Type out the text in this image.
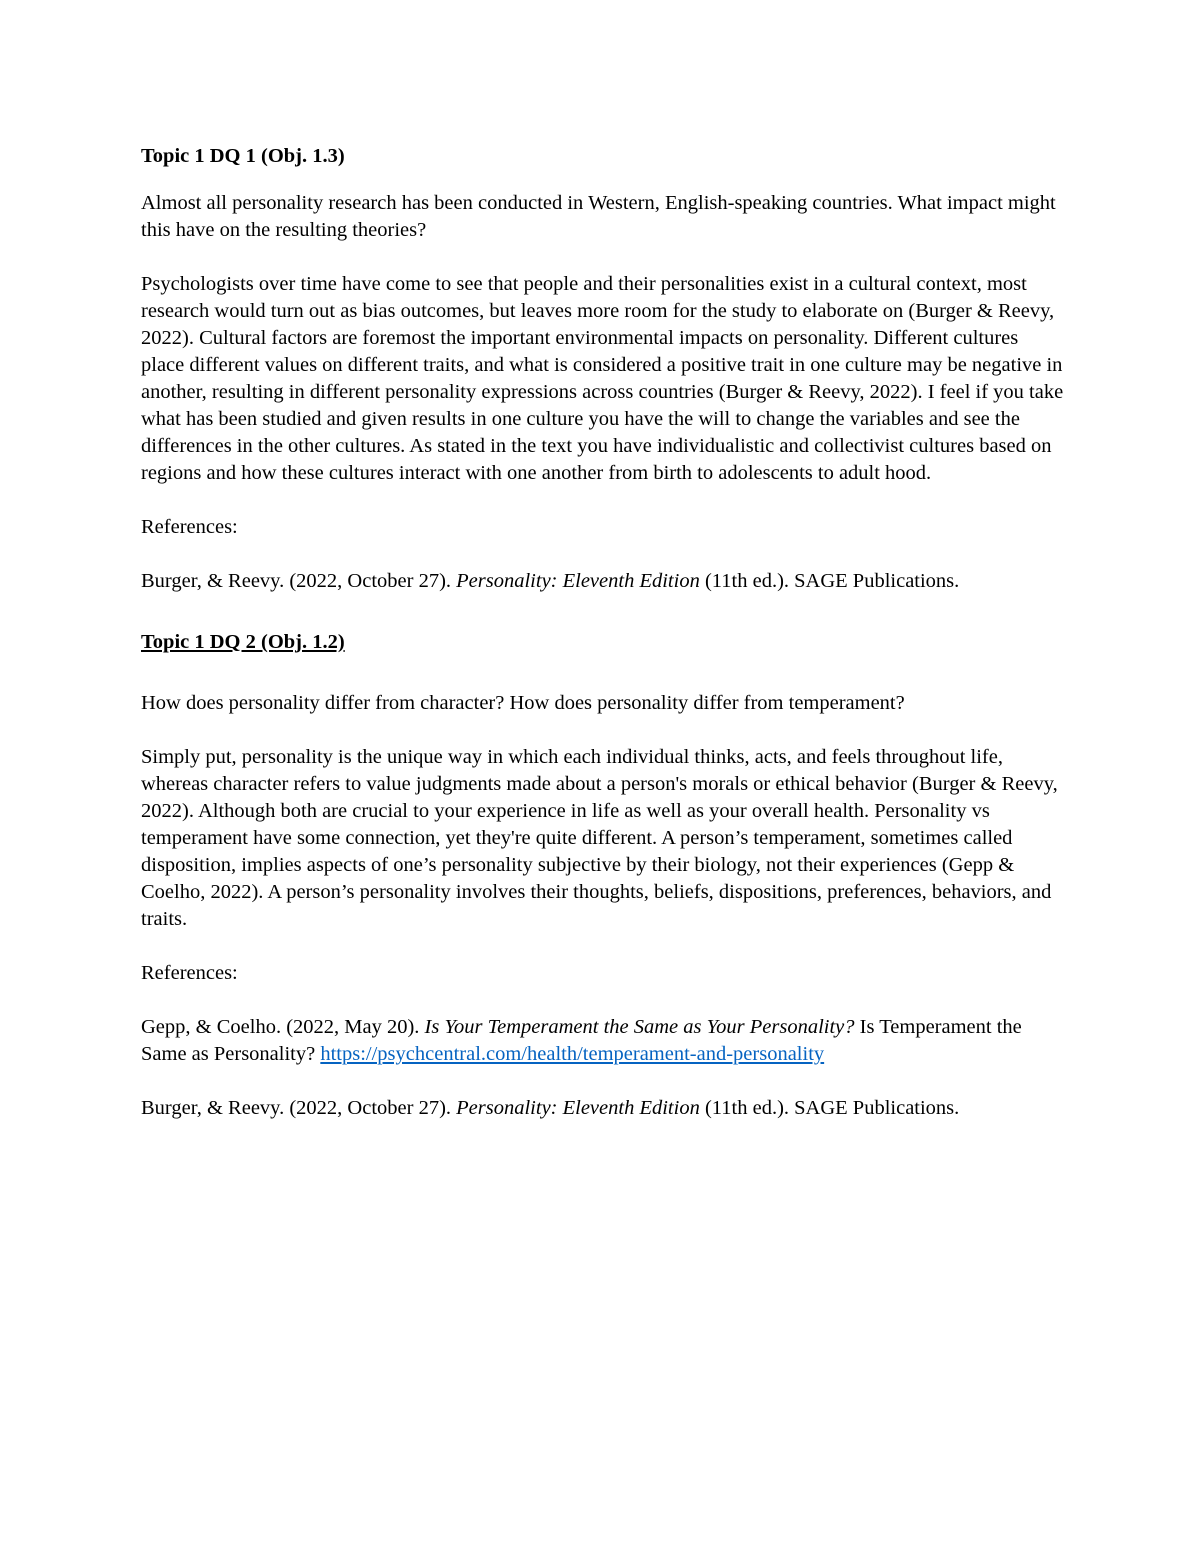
Topic 1 DQ 1 (Obj. 1.3)

Almost all personality research has been conducted in Western, English-speaking countries. What impact might this have on the resulting theories?

Psychologists over time have come to see that people and their personalities exist in a cultural context, most research would turn out as bias outcomes, but leaves more room for the study to elaborate on (Burger & Reevy, 2022). Cultural factors are foremost the important environmental impacts on personality. Different cultures place different values on different traits, and what is considered a positive trait in one culture may be negative in another, resulting in different personality expressions across countries (Burger & Reevy, 2022). I feel if you take what has been studied and given results in one culture you have the will to change the variables and see the differences in the other cultures. As stated in the text you have individualistic and collectivist cultures based on regions and how these cultures interact with one another from birth to adolescents to adult hood.

References:

Burger, & Reevy. (2022, October 27). Personality: Eleventh Edition (11th ed.). SAGE Publications.

Topic 1 DQ 2 (Obj. 1.2)

How does personality differ from character? How does personality differ from temperament?

Simply put, personality is the unique way in which each individual thinks, acts, and feels throughout life, whereas character refers to value judgments made about a person's morals or ethical behavior (Burger & Reevy, 2022). Although both are crucial to your experience in life as well as your overall health. Personality vs temperament have some connection, yet they're quite different. A person’s temperament, sometimes called disposition, implies aspects of one’s personality subjective by their biology, not their experiences (Gepp & Coelho, 2022). A person’s personality involves their thoughts, beliefs, dispositions, preferences, behaviors, and traits.

References:

Gepp, & Coelho. (2022, May 20). Is Your Temperament the Same as Your Personality? Is Temperament the Same as Personality? https://psychcentral.com/health/temperament-and-personality

Burger, & Reevy. (2022, October 27). Personality: Eleventh Edition (11th ed.). SAGE Publications.
